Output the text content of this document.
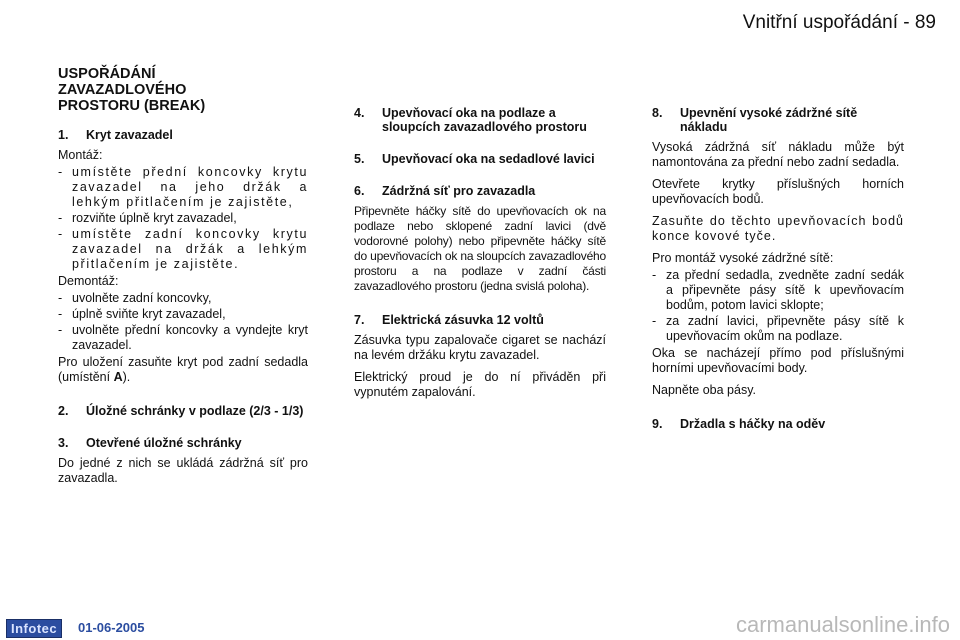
Vnitřní uspořádání - 89
USPOŘÁDÁNÍ ZAVAZADLOVÉHO PROSTORU (BREAK)
1.	Kryt zavazadel

Montáž:

- umístěte přední koncovky krytu zavazadel na jeho držák a lehkým přitlačením je zajistěte,
- rozviňte úplně kryt zavazadel,
- umístěte zadní koncovky krytu zavazadel na držák a lehkým přitlačením je zajistěte.

Demontáž:

- uvolněte zadní koncovky,
- úplně sviňte kryt zavazadel,
- uvolněte přední koncovky a vyndejte kryt zavazadel.

Pro uložení zasuňte kryt pod zadní sedadla (umístění A).

2.	Úložné schránky v podlaze (2/3 - 1/3)
3.	Otevřené úložné schránky

Do jedné z nich se ukládá zádržná síť pro zavazadla.

4.	Upevňovací oka na podlaze a sloupcích zavazadlového prostoru
5.	Upevňovací oka na sedadlové lavici
6.	Zádržná síť pro zavazadla

Připevněte háčky sítě do upevňovacích ok na podlaze nebo sklopené zadní lavici (dvě vodorovné polohy) nebo připevněte háčky sítě do upevňovacích ok na sloupcích zavazadlového prostoru a na podlaze v zadní části zavazadlového prostoru (jedna svislá poloha).

7.	Elektrická zásuvka 12 voltů

Zásuvka typu zapalovače cigaret se nachází na levém držáku krytu zavazadel.

Elektrický proud je do ní přiváděn při vypnutém zapalování.

8.	Upevnění vysoké zádržné sítě nákladu

Vysoká zádržná síť nákladu může být namontována za přední nebo zadní sedadla.

Otevřete krytky příslušných horních upevňovacích bodů.

Zasuňte do těchto upevňovacích bodů konce kovové tyče.

Pro montáž vysoké zádržné sítě:

- za přední sedadla, zvedněte zadní sedák a připevněte pásy sítě k upevňovacím bodům, potom lavici sklopte;
- za zadní lavici, připevněte pásy sítě k upevňovacím okům na podlaze.

Oka se nacházejí přímo pod příslušnými horními upevňovacími body.

Napněte oba pásy.

9.	Držadla s háčky na oděv
Infotec	01-06-2005	carmanualsonline.info
